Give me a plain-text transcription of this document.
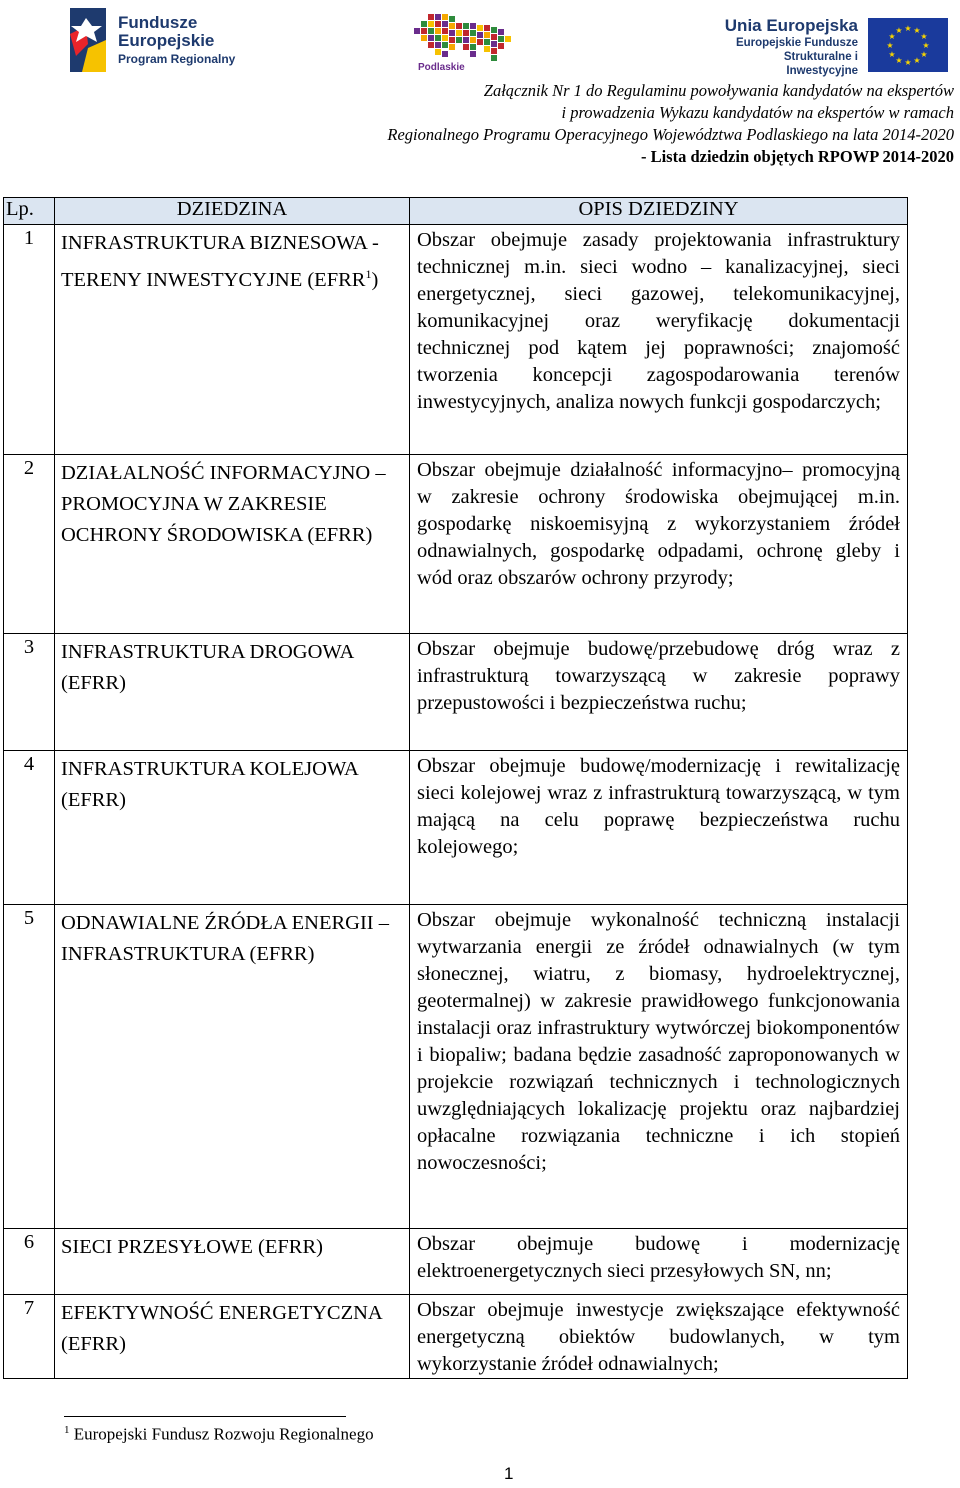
Fundusze
Europejskie
Program Regionalny
Podlaskie
Unia Europejska
Europejskie Fundusze
Strukturalne i Inwestycyjne
★ ★
★
★
★
★
★
★
★
★
★
★
Załącznik Nr 1 do Regulaminu powoływania kandydatów na ekspertów
i prowadzenia Wykazu kandydatów na ekspertów w ramach
Regionalnego Programu Operacyjnego Województwa Podlaskiego na lata 2014-2020
- Lista dziedzin objętych RPOWP 2014-2020
Lp.	DZIEDZINA	OPIS DZIEDZINY
1	INFRASTRUKTURA BIZNESOWA - TERENY INWESTYCYJNE (EFRR$^1$)	Obszar obejmuje zasady projektowania infrastruktury technicznej m.in. sieci wodno – kanalizacyjnej, sieci energetycznej, sieci gazowej, telekomunikacyjnej, komunikacyjnej oraz weryfikację dokumentacji technicznej pod kątem jej poprawności; znajomość tworzenia koncepcji zagospodarowania terenów inwestycyjnych, analiza nowych funkcji gospodarczych;
2	DZIAŁALNOŚĆ INFORMACYJNO – PROMOCYJNA W ZAKRESIE OCHRONY ŚRODOWISKA (EFRR)	Obszar obejmuje działalność informacyjno– promocyjną w zakresie ochrony środowiska obejmującej m.in. gospodarkę niskoemisyjną z wykorzystaniem źródeł odnawialnych, gospodarkę odpadami, ochronę gleby i wód oraz obszarów ochrony przyrody;
3	INFRASTRUKTURA DROGOWA (EFRR)	Obszar obejmuje budowę/przebudowę dróg wraz z infrastrukturą towarzyszącą w zakresie poprawy przepustowości i bezpieczeństwa ruchu;
4	INFRASTRUKTURA KOLEJOWA (EFRR)	Obszar obejmuje budowę/modernizację i rewitalizację sieci kolejowej wraz z infrastrukturą towarzyszącą, w tym mającą na celu poprawę bezpieczeństwa ruchu kolejowego;
5	ODNAWIALNE ŹRÓDŁA ENERGII – INFRASTRUKTURA (EFRR)	Obszar obejmuje wykonalność techniczną instalacji wytwarzania energii ze źródeł odnawialnych (w tym słonecznej, wiatru, z biomasy, hydroelektrycznej, geotermalnej) w zakresie prawidłowego funkcjonowania instalacji oraz infrastruktury wytwórczej biokomponentów i biopaliw; badana będzie zasadność zaproponowanych w projekcie rozwiązań technicznych i technologicznych uwzględniających lokalizację projektu oraz najbardziej opłacalne rozwiązania techniczne i ich stopień nowoczesności;
6	SIECI PRZESYŁOWE (EFRR)	Obszar obejmuje budowę i modernizację elektroenergetycznych sieci przesyłowych SN, nn;
7	EFEKTYWNOŚĆ ENERGETYCZNA (EFRR)	Obszar obejmuje inwestycje zwiększające efektywność energetyczną obiektów budowlanych, w tym wykorzystanie źródeł odnawialnych;
$^1$ Europejski Fundusz Rozwoju Regionalnego
1
